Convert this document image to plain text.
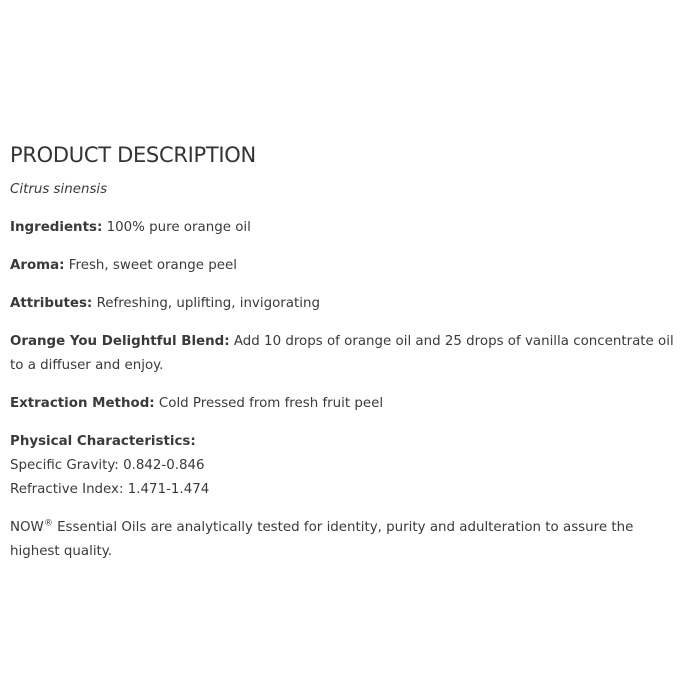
PRODUCT DESCRIPTION

Citrus sinensis

Ingredients: 100% pure orange oil

Aroma: Fresh, sweet orange peel

Attributes: Refreshing, uplifting, invigorating

Orange You Delightful Blend: Add 10 drops of orange oil and 25 drops of vanilla concentrate oil to a diffuser and enjoy.

Extraction Method: Cold Pressed from fresh fruit peel

Physical Characteristics:

Specific Gravity: 0.842-0.846

Refractive Index: 1.471-1.474

NOW® Essential Oils are analytically tested for identity, purity and adulteration to assure the highest quality.
